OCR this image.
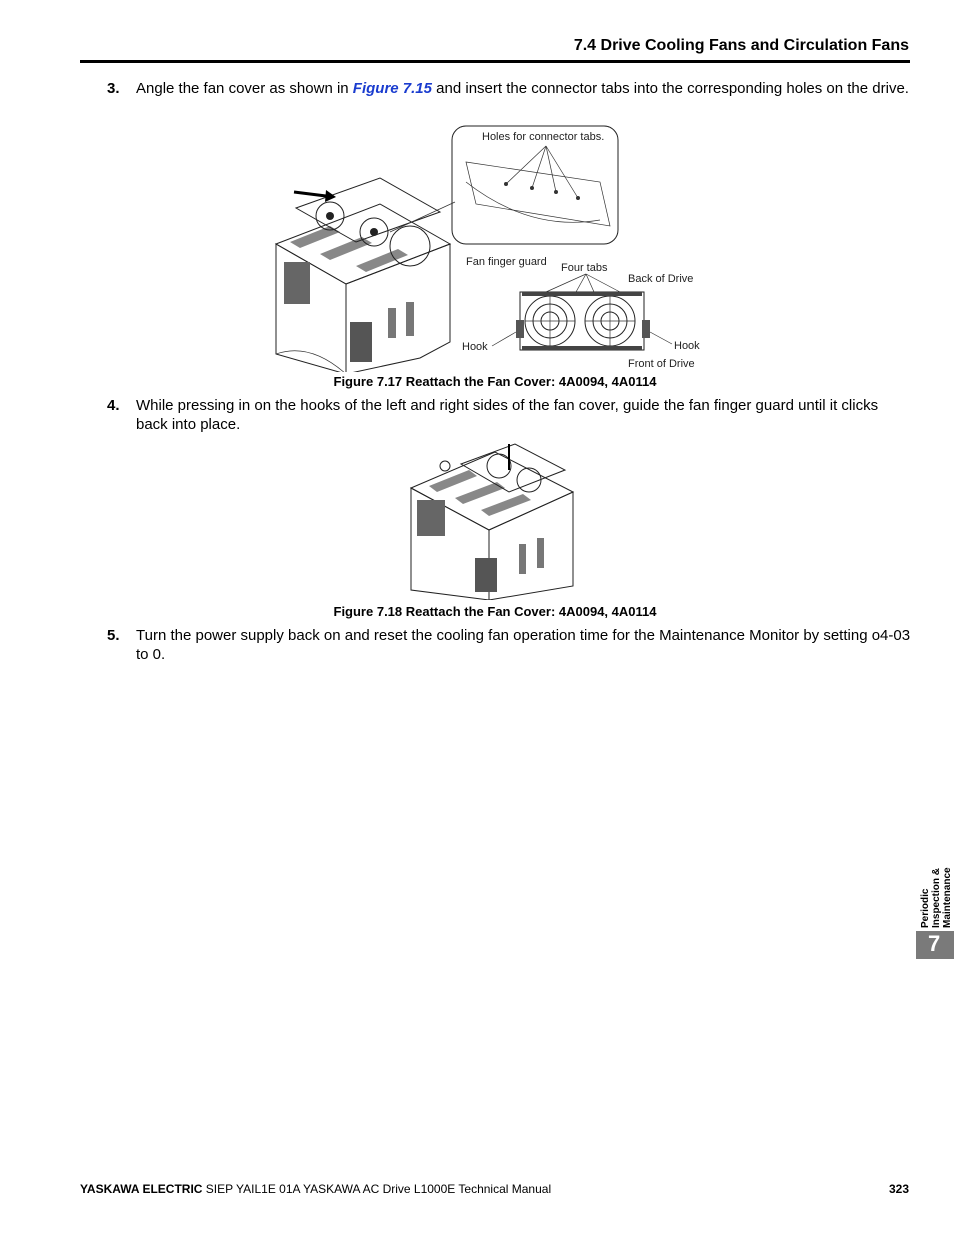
7.4 Drive Cooling Fans and Circulation Fans
3. Angle the fan cover as shown in Figure 7.15 and insert the connector tabs into the corresponding holes on the drive.
Holes for connector tabs.
Fan finger guard Four tabs
Back of Drive
Hook	Hook
Front of Drive
Figure 7.17 Reattach the Fan Cover: 4A0094, 4A0114
4. While pressing in on the hooks of the left and right sides of the fan cover, guide the fan finger guard until it clicks back into place.
Figure 7.18 Reattach the Fan Cover: 4A0094, 4A0114
5. Turn the power supply back on and reset the cooling fan operation time for the Maintenance Monitor by setting o4-03 to 0.
Periodic Inspection & Maintenance
7
YASKAWA ELECTRIC SIEP YAIL1E 01A YASKAWA AC Drive L1000E Technical Manual	323
